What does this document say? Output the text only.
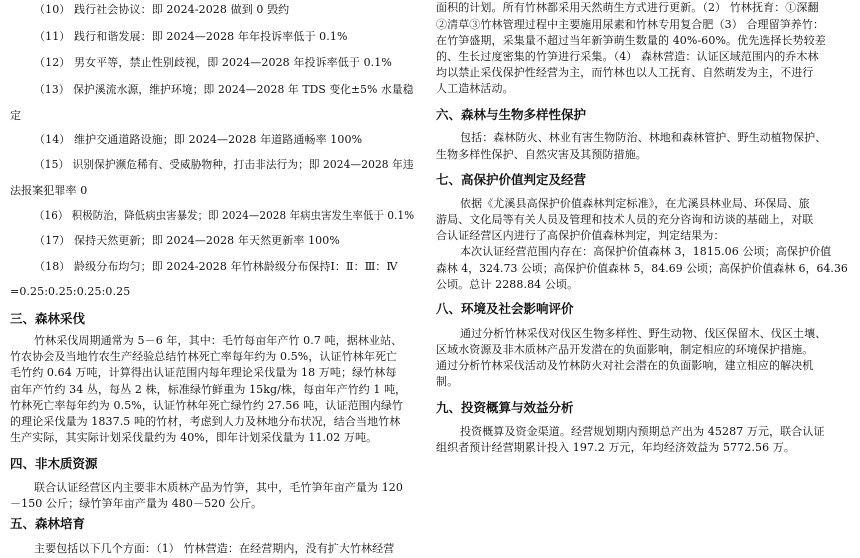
（10） 践行社会协议：即 2024-2028 做到 0 毁约
（11） 践行和谐发展：即 2024—2028 年年投诉率低于 0.1%
（12） 男女平等，禁止性别歧视，即 2024—2028 年投诉率低于 0.1%
（13） 保护溪流水源，维护环境；即 2024—2028 年 TDS 变化±5% 水量稳
定
（14） 维护交通道路设施；即 2024—2028 年道路通畅率 100%
（15） 识别保护濒危稀有、受威胁物种，打击非法行为；即 2024—2028 年违
法报案犯罪率 0
（16） 积极防治，降低病虫害暴发；即 2024—2028 年病虫害发生率低于 0.1%
（17） 保持天然更新；即 2024—2028 年天然更新率 100%
（18） 龄级分布均匀；即 2024-2028 年竹林龄级分布保持Ⅰ：Ⅱ：Ⅲ：Ⅳ
=0.25:0.25:0.25:0.25
三、森林采伐
竹林采伐周期通常为 5－6 年，其中：毛竹每亩年产竹 0.7 吨，据林业站、
竹农协会及当地竹农生产经验总结竹林死亡率每年约为 0.5%，认证竹林年死亡
毛竹约 0.64 万吨，计算得出认证范围内每年理论采伐量为 18 万吨；绿竹林每
亩年产竹约 34 丛，每丛 2 株，标准绿竹鲜重为 15kg/株，每亩年产竹约 1 吨，
竹林死亡率每年约为 0.5%，认证竹林年死亡绿竹约 27.56 吨，认证范围内绿竹
的理论采伐量为 1837.5 吨的竹材，考虑到人力及林地分布状况，结合当地竹林
生产实际，其实际计划采伐量约为 40%，即年计划采伐量为 11.02 万吨。
四、非木质资源
联合认证经营区内主要非木质林产品为竹笋，其中，毛竹笋年亩产量为 120
－150 公斤；绿竹笋年亩产量为 480－520 公斤。
五、森林培育
主要包括以下几个方面：（1） 竹林营造：在经营期内，没有扩大竹林经营
面积的计划。所有竹林都采用天然萌生方式进行更新。（2） 竹林抚育：①深翻
②清草③竹林管理过程中主要施用尿素和竹林专用复合肥（3） 合理留笋养竹：
在竹笋盛期，采集量不超过当年新笋萌生数量的 40%-60%。优先选择长势较差
的、生长过度密集的竹笋进行采集。（4） 森林营造：认证区域范围内的乔木林
均以禁止采伐保护性经营为主，而竹林也以人工抚育、自然萌发为主，不进行
人工造林活动。
六、森林与生物多样性保护
包括：森林防火、林业有害生物防治、林地和森林管护、野生动植物保护、
生物多样性保护、自然灾害及其预防措施。
七、高保护价值判定及经营
依据《尤溪县高保护价值森林判定标准》，在尤溪县林业局、环保局、旅
游局、文化局等有关人员及管理和技术人员的充分咨询和访谈的基础上，对联
合认证经营区内进行了高保护价值森林判定，判定结果为：
本次认证经营范围内存在：高保护价值森林 3，1815.06 公顷；高保护价值
森林 4，324.73 公顷；高保护价值森林 5，84.69 公顷；高保护价值森林 6，64.36
公顷。总计 2288.84 公顷。
八、环境及社会影响评价
通过分析竹林采伐对伐区生物多样性、野生动物、伐区保留木、伐区土壤、
区域水资源及非木质林产品开发潜在的负面影响，制定相应的环境保护措施。
通过分析竹林采伐活动及竹林防火对社会潜在的负面影响，建立相应的解决机
制。
九、投资概算与效益分析
投资概算及资金渠道。经营规划期内预期总产出为 45287 万元，联合认证
组织者预计经营期累计投入 197.2 万元，年均经济效益为 5772.56 万。
